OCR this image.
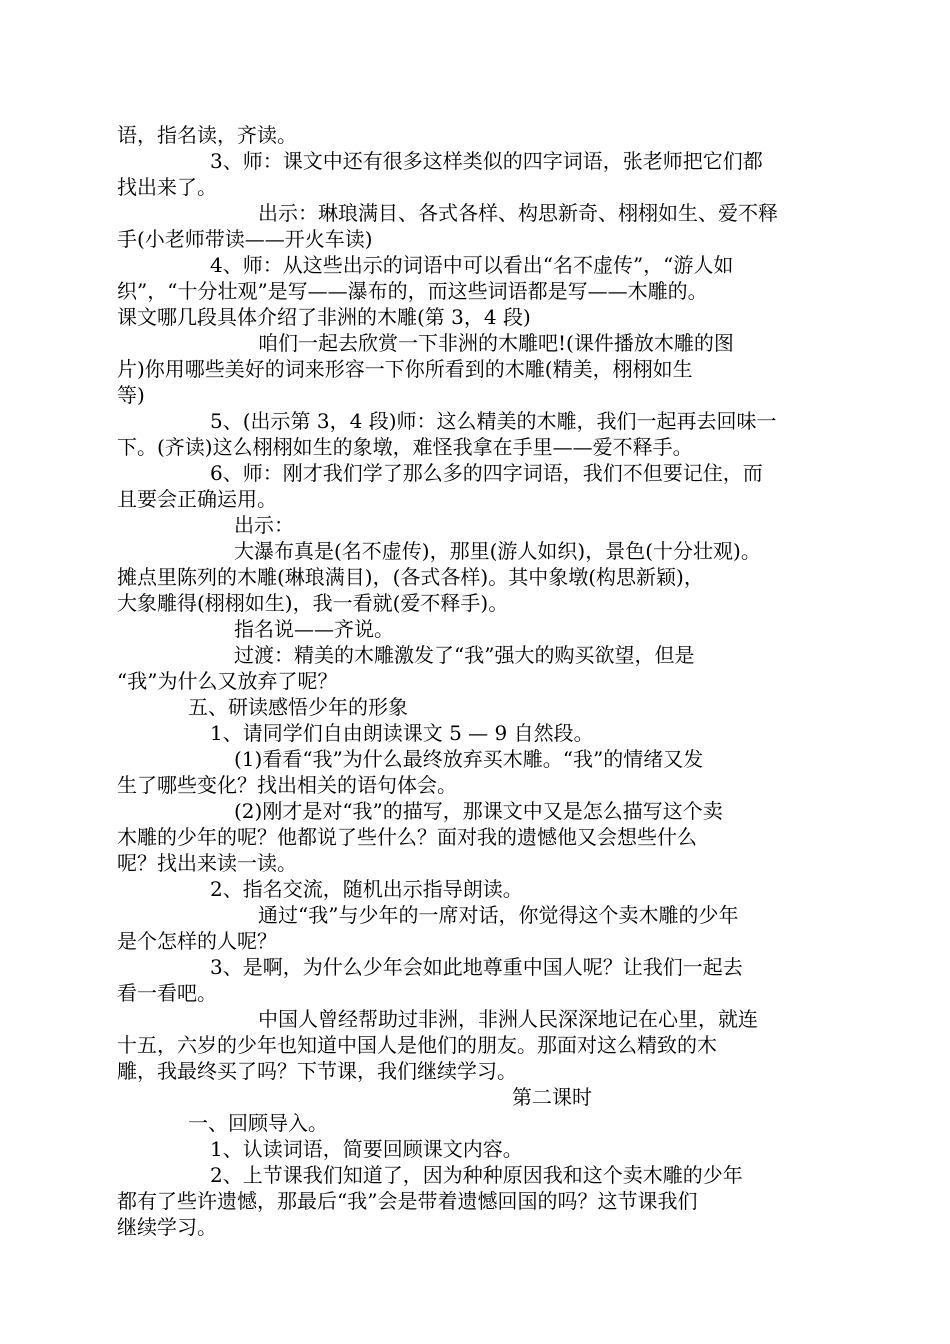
语，指名读，齐读。
3、师：课文中还有很多这样类似的四字词语，张老师把它们都
找出来了。
出示：琳琅满目、各式各样、构思新奇、栩栩如生、爱不释
手(小老师带读——开火车读)
4、师：从这些出示的词语中可以看出“名不虚传”，“游人如
织”，“十分壮观”是写——瀑布的，而这些词语都是写——木雕的。
课文哪几段具体介绍了非洲的木雕(第 3，4 段)
咱们一起去欣赏一下非洲的木雕吧!(课件播放木雕的图
片)你用哪些美好的词来形容一下你所看到的木雕(精美，栩栩如生
等)
5、(出示第 3，4 段)师：这么精美的木雕，我们一起再去回味一
下。(齐读)这么栩栩如生的象墩，难怪我拿在手里——爱不释手。
6、师：刚才我们学了那么多的四字词语，我们不但要记住，而
且要会正确运用。
出示：
大瀑布真是(名不虚传)，那里(游人如织)，景色(十分壮观)。
摊点里陈列的木雕(琳琅满目)，(各式各样)。其中象墩(构思新颖)，
大象雕得(栩栩如生)，我一看就(爱不释手)。
指名说——齐说。
过渡：精美的木雕激发了“我”强大的购买欲望，但是
“我”为什么又放弃了呢？
五、研读感悟少年的形象
1、请同学们自由朗读课文 5 — 9 自然段。
(1)看看“我”为什么最终放弃买木雕。“我”的情绪又发
生了哪些变化？找出相关的语句体会。
(2)刚才是对“我”的描写，那课文中又是怎么描写这个卖
木雕的少年的呢？他都说了些什么？面对我的遗憾他又会想些什么
呢？找出来读一读。
2、指名交流，随机出示指导朗读。
通过“我”与少年的一席对话，你觉得这个卖木雕的少年
是个怎样的人呢？
3、是啊，为什么少年会如此地尊重中国人呢？让我们一起去
看一看吧。
中国人曾经帮助过非洲，非洲人民深深地记在心里，就连
十五，六岁的少年也知道中国人是他们的朋友。那面对这么精致的木
雕，我最终买了吗？下节课，我们继续学习。
第二课时
一、回顾导入。
1、认读词语，简要回顾课文内容。
2、上节课我们知道了，因为种种原因我和这个卖木雕的少年
都有了些许遗憾，那最后“我”会是带着遗憾回国的吗？这节课我们
继续学习。
